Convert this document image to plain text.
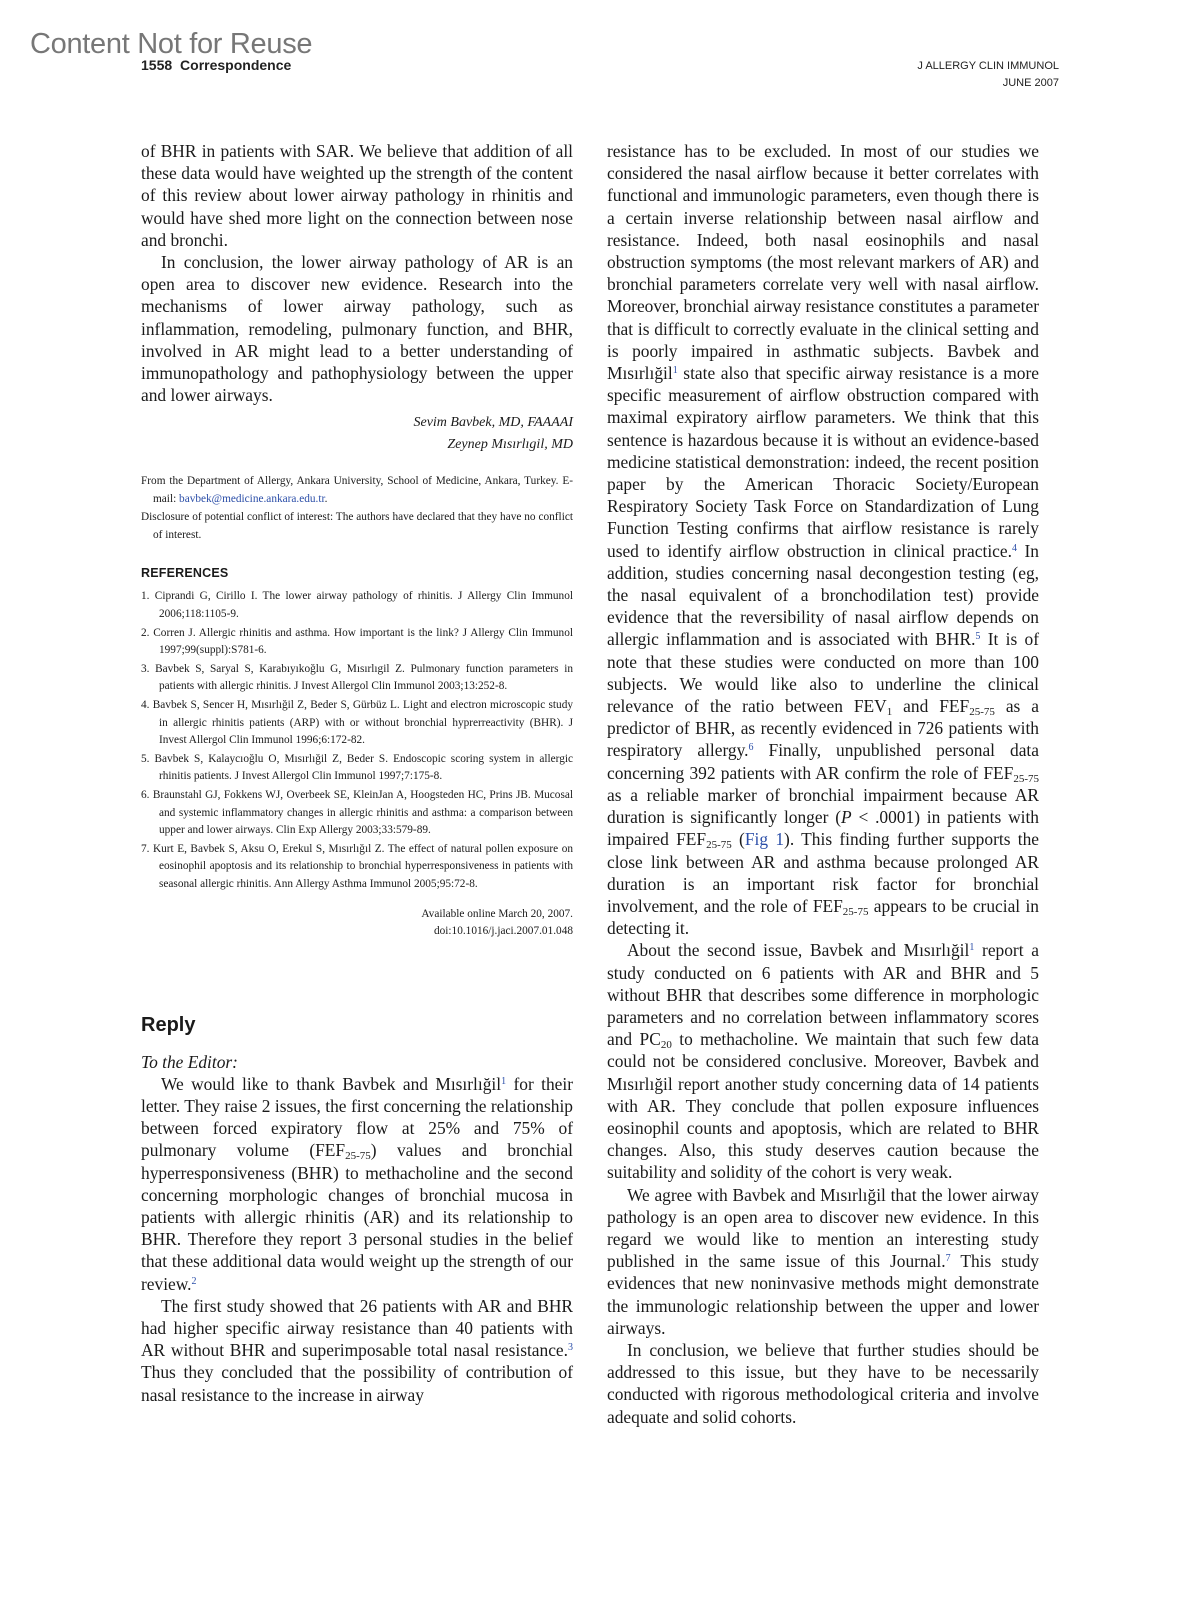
Content Not for Reuse
1558 Correspondence	J ALLERGY CLIN IMMUNOL
JUNE 2007

of BHR in patients with SAR. We believe that addition of all these data would have weighted up the strength of the content of this review about lower airway pathology in rhinitis and would have shed more light on the connection between nose and bronchi.

In conclusion, the lower airway pathology of AR is an open area to discover new evidence. Research into the mechanisms of lower airway pathology, such as inflammation, remodeling, pulmonary function, and BHR, involved in AR might lead to a better understanding of immunopathology and pathophysiology between the upper and lower airways.

Sevim Bavbek, MD, FAAAAI
Zeynep Mısırlıgil, MD
From the Department of Allergy, Ankara University, School of Medicine, Ankara, Turkey. E-mail: bavbek@medicine.ankara.edu.tr.
Disclosure of potential conflict of interest: The authors have declared that they have no conflict of interest.
REFERENCES
1. Ciprandi G, Cirillo I. The lower airway pathology of rhinitis. J Allergy Clin Immunol 2006;118:1105-9.
2. Corren J. Allergic rhinitis and asthma. How important is the link? J Allergy Clin Immunol 1997;99(suppl):S781-6.
3. Bavbek S, Saryal S, Karabıyıkoğlu G, Mısırlıgil Z. Pulmonary function parameters in patients with allergic rhinitis. J Invest Allergol Clin Immunol 2003;13:252-8.
4. Bavbek S, Sencer H, Mısırlığil Z, Beder S, Gürbüz L. Light and electron microscopic study in allergic rhinitis patients (ARP) with or without bronchial hyprerreactivity (BHR). J Invest Allergol Clin Immunol 1996;6:172-82.
5. Bavbek S, Kalaycıoğlu O, Mısırlığil Z, Beder S. Endoscopic scoring system in allergic rhinitis patients. J Invest Allergol Clin Immunol 1997;7:175-8.
6. Braunstahl GJ, Fokkens WJ, Overbeek SE, KleinJan A, Hoogsteden HC, Prins JB. Mucosal and systemic inflammatory changes in allergic rhinitis and asthma: a comparison between upper and lower airways. Clin Exp Allergy 2003;33:579-89.
7. Kurt E, Bavbek S, Aksu O, Erekul S, Mısırlığıl Z. The effect of natural pollen exposure on eosinophil apoptosis and its relationship to bronchial hyperresponsiveness in patients with seasonal allergic rhinitis. Ann Allergy Asthma Immunol 2005;95:72-8.
Available online March 20, 2007.
doi:10.1016/j.jaci.2007.01.048
Reply

To the Editor:

We would like to thank Bavbek and Mısırlığil$^1$ for their letter. They raise 2 issues, the first concerning the relationship between forced expiratory flow at 25% and 75% of pulmonary volume $(FEF_{25-75})$ values and bronchial hyperresponsiveness (BHR) to methacholine and the second concerning morphologic changes of bronchial mucosa in patients with allergic rhinitis (AR) and its relationship to BHR. Therefore they report 3 personal studies in the belief that these additional data would weight up the strength of our review.$^2$

The first study showed that 26 patients with AR and BHR had higher specific airway resistance than 40 patients with AR without BHR and superimposable total nasal resistance.$^3$ Thus they concluded that the possibility of contribution of nasal resistance to the increase in airway

resistance has to be excluded. In most of our studies we considered the nasal airflow because it better correlates with functional and immunologic parameters, even though there is a certain inverse relationship between nasal airflow and resistance. Indeed, both nasal eosinophils and nasal obstruction symptoms (the most relevant markers of AR) and bronchial parameters correlate very well with nasal airflow. Moreover, bronchial airway resistance constitutes a parameter that is difficult to correctly evaluate in the clinical setting and is poorly impaired in asthmatic subjects. Bavbek and Mısırlığil$^1$ state also that specific airway resistance is a more specific measurement of airflow obstruction compared with maximal expiratory airflow parameters. We think that this sentence is hazardous because it is without an evidence-based medicine statistical demonstration: indeed, the recent position paper by the American Thoracic Society/European Respiratory Society Task Force on Standardization of Lung Function Testing confirms that airflow resistance is rarely used to identify airflow obstruction in clinical practice.$^4$ In addition, studies concerning nasal decongestion testing (eg, the nasal equivalent of a bronchodilation test) provide evidence that the reversibility of nasal airflow depends on allergic inflammation and is associated with BHR.$^5$ It is of note that these studies were conducted on more than 100 subjects. We would like also to underline the clinical relevance of the ratio between $FEV_1$ and $FEF_{25-75}$ as a predictor of BHR, as recently evidenced in 726 patients with respiratory allergy.$^6$ Finally, unpublished personal data concerning 392 patients with AR confirm the role of $FEF_{25-75}$ as a reliable marker of bronchial impairment because AR duration is significantly longer (P < .0001) in patients with impaired $FEF_{25-75}$ (Fig 1). This finding further supports the close link between AR and asthma because prolonged AR duration is an important risk factor for bronchial involvement, and the role of $FEF_{25-75}$ appears to be crucial in detecting it.

About the second issue, Bavbek and Mısırlığil$^1$ report a study conducted on 6 patients with AR and BHR and 5 without BHR that describes some difference in morphologic parameters and no correlation between inflammatory scores and $PC_{20}$ to methacholine. We maintain that such few data could not be considered conclusive. Moreover, Bavbek and Mısırlığil report another study concerning data of 14 patients with AR. They conclude that pollen exposure influences eosinophil counts and apoptosis, which are related to BHR changes. Also, this study deserves caution because the suitability and solidity of the cohort is very weak.

We agree with Bavbek and Mısırlığil that the lower airway pathology is an open area to discover new evidence. In this regard we would like to mention an interesting study published in the same issue of this Journal.$^7$ This study evidences that new noninvasive methods might demonstrate the immunologic relationship between the upper and lower airways.

In conclusion, we believe that further studies should be addressed to this issue, but they have to be necessarily conducted with rigorous methodological criteria and involve adequate and solid cohorts.
